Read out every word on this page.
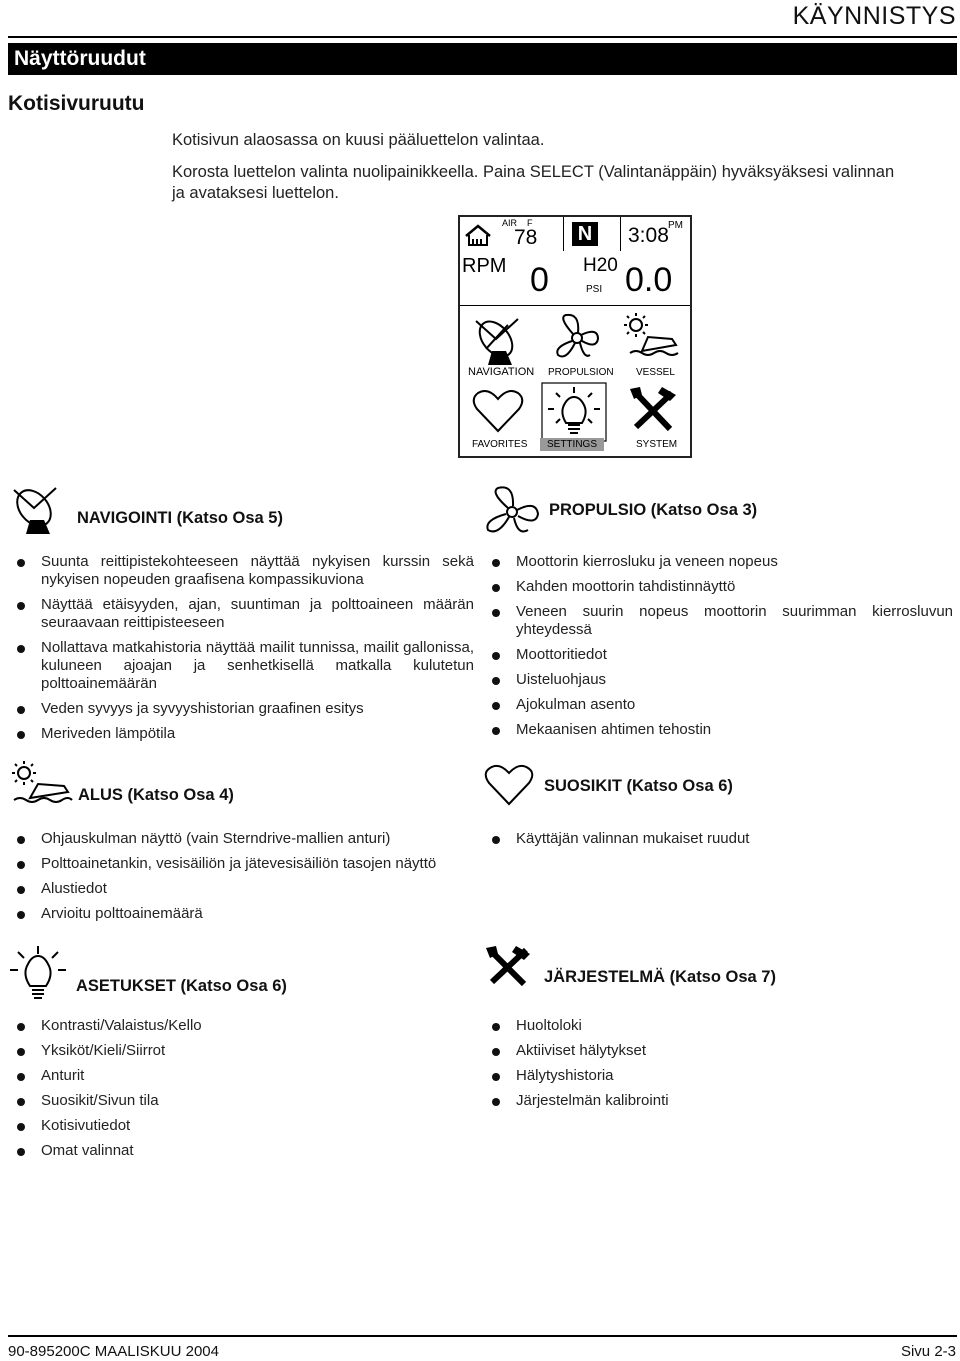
KÄYNNISTYS
Näyttöruudut
Kotisivuruutu
Kotisivun alaosassa on kuusi pääluettelon valintaa.
Korosta luettelon valinta nuolipainikkeella. Paina SELECT (Valintanäppäin) hyväksyäksesi valinnan
ja avataksesi luettelon.
AIR F
78 N 3:08 PM
RPM 0 H20
PSI 0.0
NAVIGATION PROPULSION VESSEL
FAVORITES	SETTINGS	SYSTEM
NAVIGOINTI (Katso Osa 5)
Suunta reittipistekohteeseen näyttää nykyisen kurssin sekä nykyisen nopeuden graafisena kompassikuviona
Näyttää etäisyyden, ajan, suuntiman ja polttoaineen määrän seuraavaan reittipisteeseen
Nollattava matkahistoria näyttää mailit tunnissa, mailit gallonissa, kuluneen ajoajan ja senhetkisellä matkalla kulutetun polttoainemäärän
Veden syvyys ja syvyyshistorian graafinen esitys
Meriveden lämpötila
PROPULSIO (Katso Osa 3)
Moottorin kierrosluku ja veneen nopeus
Kahden moottorin tahdistinnäyttö
Veneen suurin nopeus moottorin suurimman kierrosluvun yhteydessä
Moottoritiedot
Uisteluohjaus
Ajokulman asento
Mekaanisen ahtimen tehostin
ALUS (Katso Osa 4)
Ohjauskulman näyttö (vain Sterndrive-mallien anturi)
Polttoainetankin, vesisäiliön ja jätevesisäiliön tasojen näyttö
Alustiedot
Arvioitu polttoainemäärä
SUOSIKIT (Katso Osa 6)
Käyttäjän valinnan mukaiset ruudut
ASETUKSET (Katso Osa 6)
Kontrasti/Valaistus/Kello
Yksiköt/Kieli/Siirrot
Anturit
Suosikit/Sivun tila
Kotisivutiedot
Omat valinnat
JÄRJESTELMÄ (Katso Osa 7)
Huoltoloki
Aktiiviset hälytykset
Hälytyshistoria
Järjestelmän kalibrointi
90-895200C MAALISKUU 2004	Sivu 2-3
